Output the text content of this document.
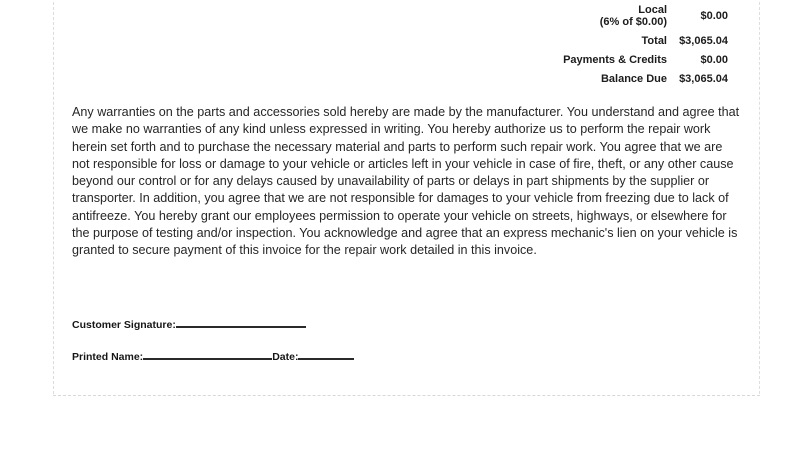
Local
(6% of $0.00)	$0.00
Total	$3,065.04
Payments & Credits	$0.00
Balance Due	$3,065.04
Any warranties on the parts and accessories sold hereby are made by the manufacturer. You understand and agree that
we make no warranties of any kind unless expressed in writing. You hereby authorize us to perform the repair work
herein set forth and to purchase the necessary material and parts to perform such repair work. You agree that we are
not responsible for loss or damage to your vehicle or articles left in your vehicle in case of fire, theft, or any other cause
beyond our control or for any delays caused by unavailability of parts or delays in part shipments by the supplier or
transporter. In addition, you agree that we are not responsible for damages to your vehicle from freezing due to lack of
antifreeze. You hereby grant our employees permission to operate your vehicle on streets, highways, or elsewhere for
the purpose of testing and/or inspection. You acknowledge and agree that an express mechanic's lien on your vehicle is
granted to secure payment of this invoice for the repair work detailed in this invoice.
Customer Signature:
Printed Name:	Date:
